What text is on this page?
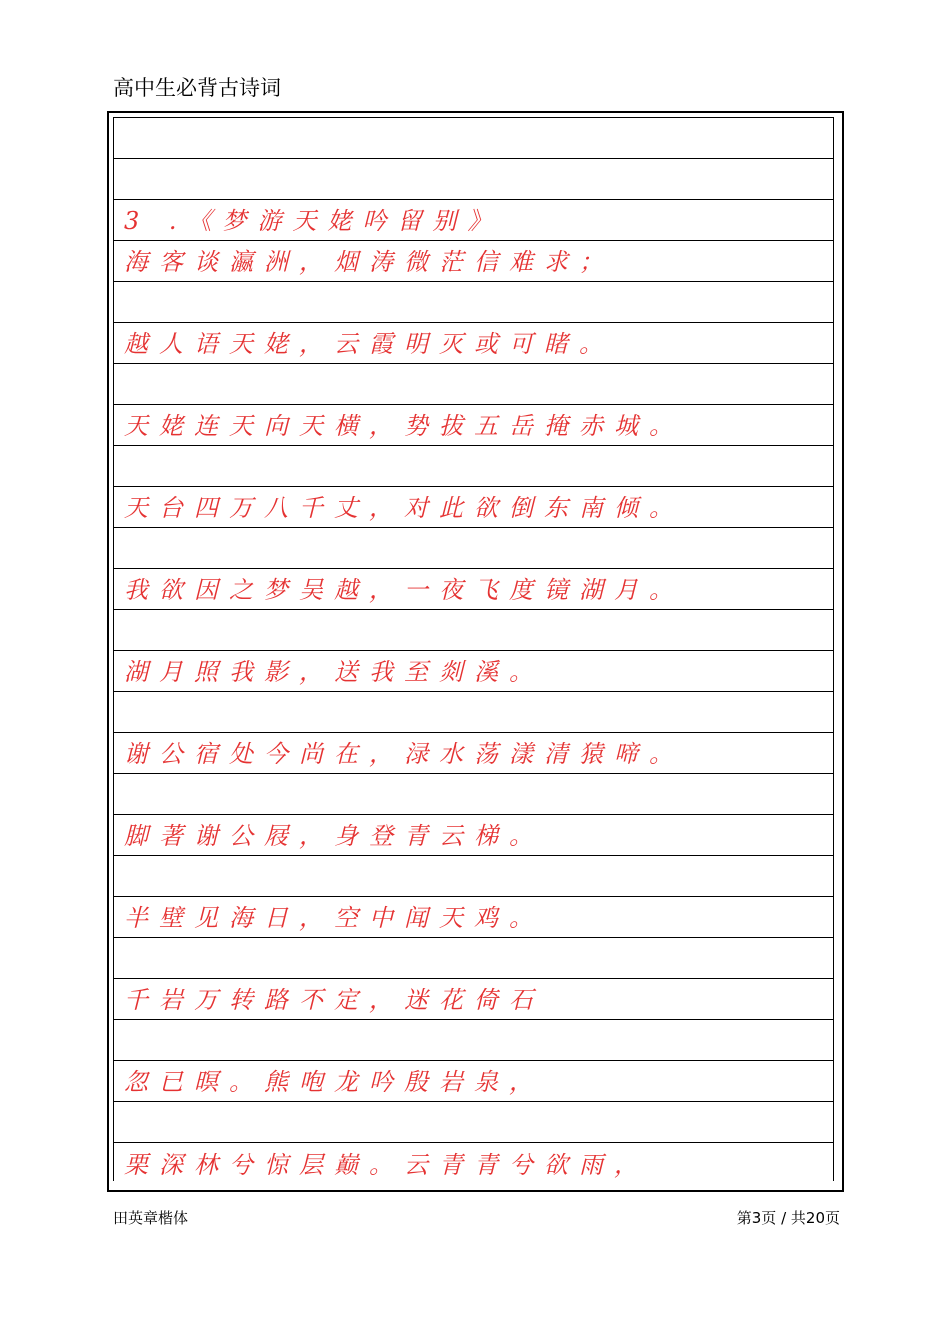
高中生必背古诗词
3 .《梦游天姥吟留别》
海客谈瀛洲，烟涛微茫信难求；
越人语天姥，云霞明灭或可睹。
天姥连天向天横，势拔五岳掩赤城。
天台四万八千丈，对此欲倒东南倾。
我欲因之梦吴越，一夜飞度镜湖月。
湖月照我影，送我至剡溪。
谢公宿处今尚在，渌水荡漾清猿啼。
脚著谢公屐，身登青云梯。
半壁见海日，空中闻天鸡。
千岩万转路不定，迷花倚石
忽已暝。熊咆龙吟殷岩泉，
栗深林兮惊层巅。云青青兮欲雨，
田英章楷体	第3页 / 共20页
